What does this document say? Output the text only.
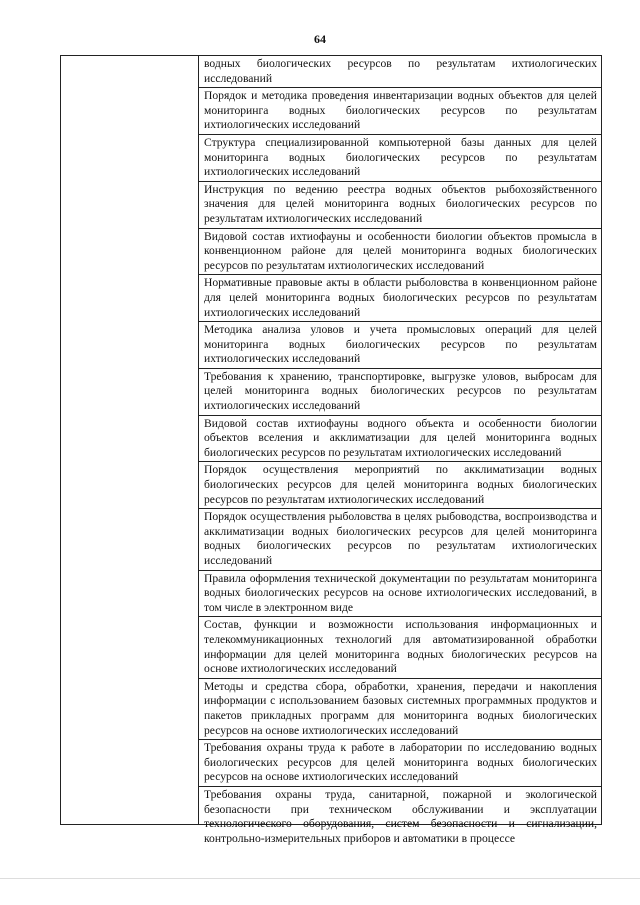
64
водных биологических ресурсов по результатам ихтиологических исследований
Порядок и методика проведения инвентаризации водных объектов для целей мониторинга водных биологических ресурсов по результатам ихтиологических исследований
Структура специализированной компьютерной базы данных для целей мониторинга водных биологических ресурсов по результатам ихтиологических исследований
Инструкция по ведению реестра водных объектов рыбохозяйственного значения для целей мониторинга водных биологических ресурсов по результатам ихтиологических исследований
Видовой состав ихтиофауны и особенности биологии объектов промысла в конвенционном районе для целей мониторинга водных биологических ресурсов по результатам ихтиологических исследований
Нормативные правовые акты в области рыболовства в конвенционном районе для целей мониторинга водных биологических ресурсов по результатам ихтиологических исследований
Методика анализа уловов и учета промысловых операций для целей мониторинга водных биологических ресурсов по результатам ихтиологических исследований
Требования к хранению, транспортировке, выгрузке уловов, выбросам для целей мониторинга водных биологических ресурсов по результатам ихтиологических исследований
Видовой состав ихтиофауны водного объекта и особенности биологии объектов вселения и акклиматизации для целей мониторинга водных биологических ресурсов по результатам ихтиологических исследований
Порядок осуществления мероприятий по акклиматизации водных биологических ресурсов для целей мониторинга водных биологических ресурсов по результатам ихтиологических исследований
Порядок осуществления рыболовства в целях рыбоводства, воспроизводства и акклиматизации водных биологических ресурсов для целей мониторинга водных биологических ресурсов по результатам ихтиологических исследований
Правила оформления технической документации по результатам мониторинга водных биологических ресурсов на основе ихтиологических исследований, в том числе в электронном виде
Состав, функции и возможности использования информационных и телекоммуникационных технологий для автоматизированной обработки информации для целей мониторинга водных биологических ресурсов на основе ихтиологических исследований
Методы и средства сбора, обработки, хранения, передачи и накопления информации с использованием базовых системных программных продуктов и пакетов прикладных программ для мониторинга водных биологических ресурсов на основе ихтиологических исследований
Требования охраны труда к работе в лаборатории по исследованию водных биологических ресурсов для целей мониторинга водных биологических ресурсов на основе ихтиологических исследований
Требования охраны труда, санитарной, пожарной и экологической безопасности при техническом обслуживании и эксплуатации технологического оборудования, систем безопасности и сигнализации, контрольно-измерительных приборов и автоматики в процессе
